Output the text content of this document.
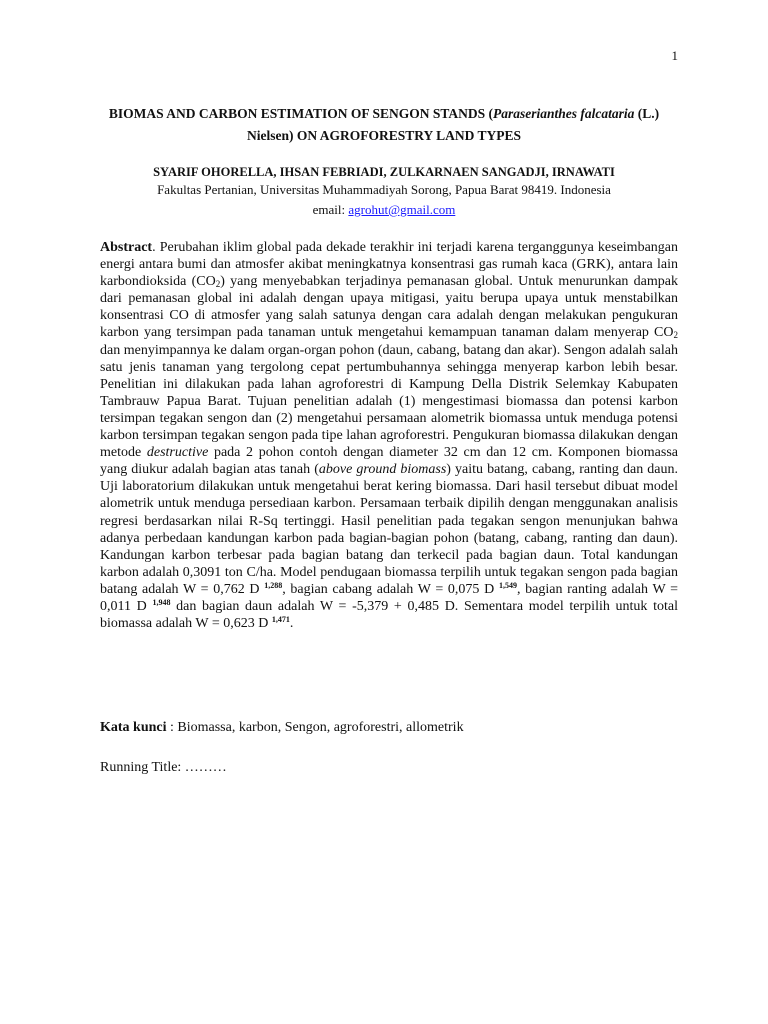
1
BIOMAS AND CARBON ESTIMATION OF SENGON STANDS (Paraserianthes falcataria (L.) Nielsen) ON AGROFORESTRY LAND TYPES
SYARIF OHORELLA, IHSAN FEBRIADI, ZULKARNAEN SANGADJI, IRNAWATI
Fakultas Pertanian, Universitas Muhammadiyah Sorong, Papua Barat 98419. Indonesia
email: agrohut@gmail.com

Abstract. Perubahan iklim global pada dekade terakhir ini terjadi karena terganggunya keseimbangan energi antara bumi dan atmosfer akibat meningkatnya konsentrasi gas rumah kaca (GRK), antara lain karbondioksida $(CO_2)$ yang menyebabkan terjadinya pemanasan global. Untuk menurunkan dampak dari pemanasan global ini adalah dengan upaya mitigasi, yaitu berupa upaya untuk menstabilkan konsentrasi CO di atmosfer yang salah satunya dengan cara adalah dengan melakukan pengukuran karbon yang tersimpan pada tanaman untuk mengetahui kemampuan tanaman dalam menyerap $CO_2$ dan menyimpannya ke dalam organ-organ pohon (daun, cabang, batang dan akar). Sengon adalah salah satu jenis tanaman yang tergolong cepat pertumbuhannya sehingga menyerap karbon lebih besar. Penelitian ini dilakukan pada lahan agroforestri di Kampung Della Distrik Selemkay Kabupaten Tambrauw Papua Barat. Tujuan penelitian adalah (1) mengestimasi biomassa dan potensi karbon tersimpan tegakan sengon dan (2) mengetahui persamaan alometrik biomassa untuk menduga potensi karbon tersimpan tegakan sengon pada tipe lahan agroforestri. Pengukuran biomassa dilakukan dengan metode destructive pada 2 pohon contoh dengan diameter 32 cm dan 12 cm. Komponen biomassa yang diukur adalah bagian atas tanah (above ground biomass) yaitu batang, cabang, ranting dan daun. Uji laboratorium dilakukan untuk mengetahui berat kering biomassa. Dari hasil tersebut dibuat model alometrik untuk menduga persediaan karbon. Persamaan terbaik dipilih dengan menggunakan analisis regresi berdasarkan nilai R-Sq tertinggi. Hasil penelitian pada tegakan sengon menunjukan bahwa adanya perbedaan kandungan karbon pada bagian-bagian pohon (batang, cabang, ranting dan daun). Kandungan karbon terbesar pada bagian batang dan terkecil pada bagian daun. Total kandungan karbon adalah 0,3091 ton C/ha. Model pendugaan biomassa terpilih untuk tegakan sengon pada bagian batang adalah W = 0,762 D $^{1,288}$, bagian cabang adalah W = 0,075 D $^{1,549}$, bagian ranting adalah W = 0,011 D $^{1,948}$ dan bagian daun adalah W = -5,379 + 0,485 D. Sementara model terpilih untuk total biomassa adalah W = 0,623 D $^{1,471}$.

Kata kunci : Biomassa, karbon, Sengon, agroforestri, allometrik
Running Title: ………
